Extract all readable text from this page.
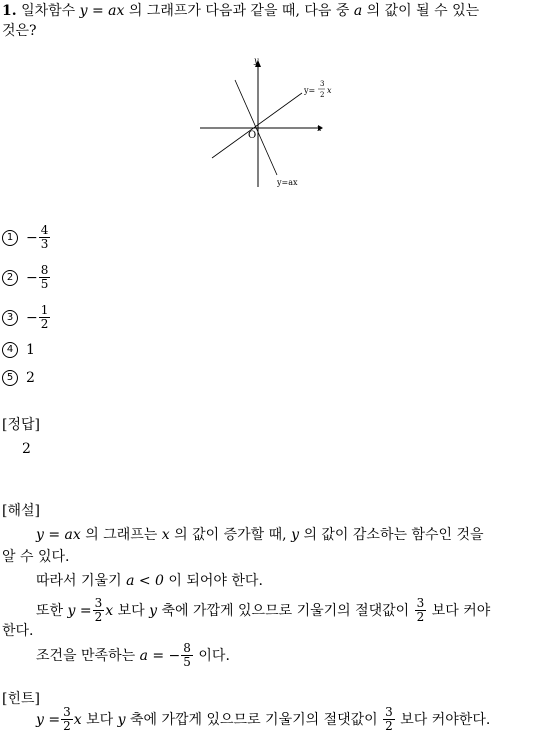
1. 일차함수 y = ax 의 그래프가 다음과 같을 때, 다음 중 a 의 값이 될 수 있는
것은?
y
x
O
y=
3
2 x
y=ax
$1 - \frac{4}{3}$
$2 - \frac{8}{5}$
$3 - \frac{1}{2}$
4 1
5 2
[정답]
2
[해설]
y = ax 의 그래프는 x 의 값이 증가할 때, y 의 값이 감소하는 함수인 것을
알 수 있다.
따라서 기울기 a < 0 이 되어야 한다.
또한
$y = \frac{3}{2}$ x
보다
y
축에 가깝게 있으므로 기울기의 절댓값이
$\frac{3}{2}$
보다 커야
한다.
조건을 만족하는
a = − $\frac{8}{5}$
이다.
[힌트]
$y = \frac{3}{2}$ x
보다
y
축에 가깝게 있으므로 기울기의 절댓값이
$\frac{3}{2}$
보다 커야한다.
